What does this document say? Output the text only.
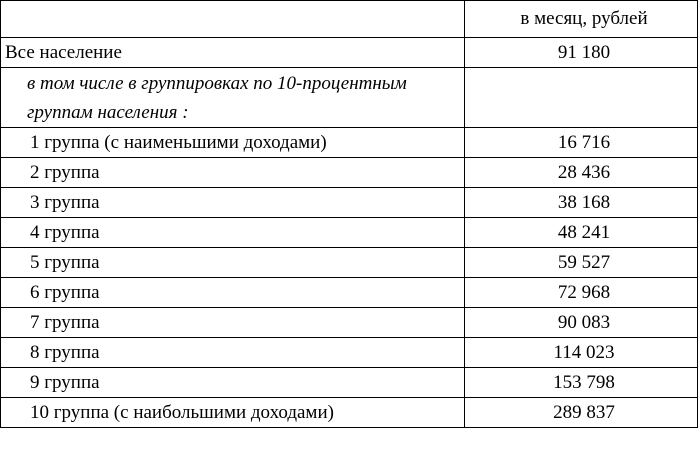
	в месяц, рублей
Все население	91 180
в том числе в группировках по 10-процентным группам населения :	
1 группа (с наименьшими доходами)	16 716
2 группа	28 436
3 группа	38 168
4 группа	48 241
5 группа	59 527
6 группа	72 968
7 группа	90 083
8 группа	114 023
9 группа	153 798
10 группа (с наибольшими доходами)	289 837
